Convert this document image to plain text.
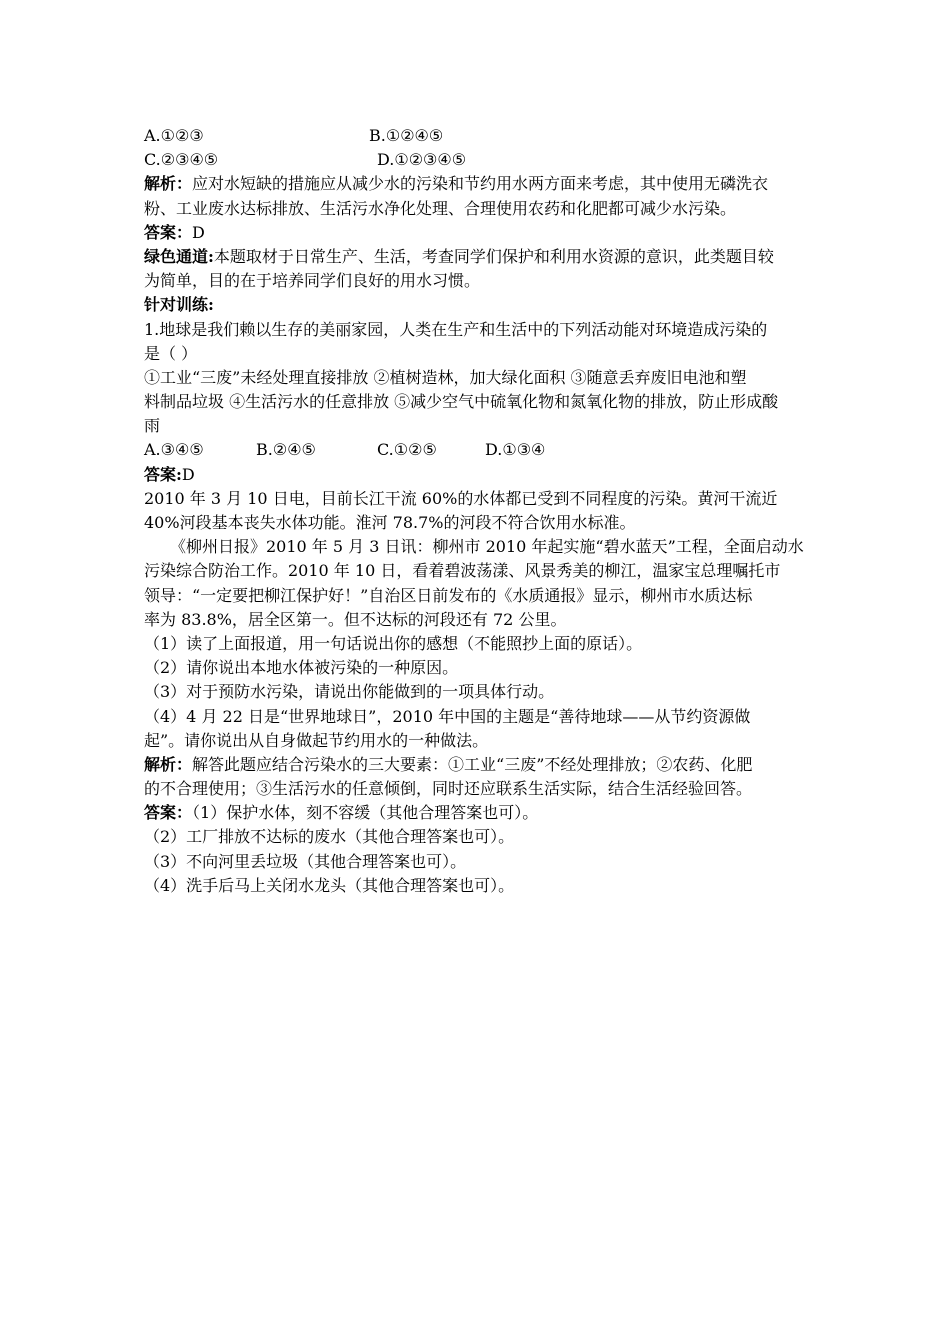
A.①②③	B.①②④⑤
C.②③④⑤	D.①②③④⑤
解析：应对水短缺的措施应从减少水的污染和节约用水两方面来考虑，其中使用无磷洗衣
粉、工业废水达标排放、生活污水净化处理、合理使用农药和化肥都可减少水污染。
答案：D
绿色通道:本题取材于日常生产、生活，考查同学们保护和利用水资源的意识，此类题目较
为简单，目的在于培养同学们良好的用水习惯。
针对训练:
1.地球是我们赖以生存的美丽家园，人类在生产和生活中的下列活动能对环境造成污染的
是（ ）
①工业“三废”未经处理直接排放 ②植树造林，加大绿化面积 ③随意丢弃废旧电池和塑
料制品垃圾 ④生活污水的任意排放 ⑤减少空气中硫氧化物和氮氧化物的排放，防止形成酸
雨
A.③④⑤	B.②④⑤	C.①②⑤	D.①③④
答案:D
2010 年 3 月 10 日电，目前长江干流 60%的水体都已受到不同程度的污染。黄河干流近
40%河段基本丧失水体功能。淮河 78.7%的河段不符合饮用水标准。
《柳州日报》2010 年 5 月 3 日讯：柳州市 2010 年起实施“碧水蓝天”工程，全面启动水
污染综合防治工作。2010 年 10 日，看着碧波荡漾、风景秀美的柳江，温家宝总理嘱托市
领导：“一定要把柳江保护好！”自治区日前发布的《水质通报》显示，柳州市水质达标
率为 83.8%，居全区第一。但不达标的河段还有 72 公里。
（1）读了上面报道，用一句话说出你的感想（不能照抄上面的原话）。
（2）请你说出本地水体被污染的一种原因。
（3）对于预防水污染，请说出你能做到的一项具体行动。
（4）4 月 22 日是“世界地球日”，2010 年中国的主题是“善待地球——从节约资源做
起”。请你说出从自身做起节约用水的一种做法。
解析：解答此题应结合污染水的三大要素：①工业“三废”不经处理排放；②农药、化肥
的不合理使用；③生活污水的任意倾倒，同时还应联系生活实际，结合生活经验回答。
答案：（1）保护水体，刻不容缓（其他合理答案也可）。
（2）工厂排放不达标的废水（其他合理答案也可）。
（3）不向河里丢垃圾（其他合理答案也可）。
（4）洗手后马上关闭水龙头（其他合理答案也可）。
